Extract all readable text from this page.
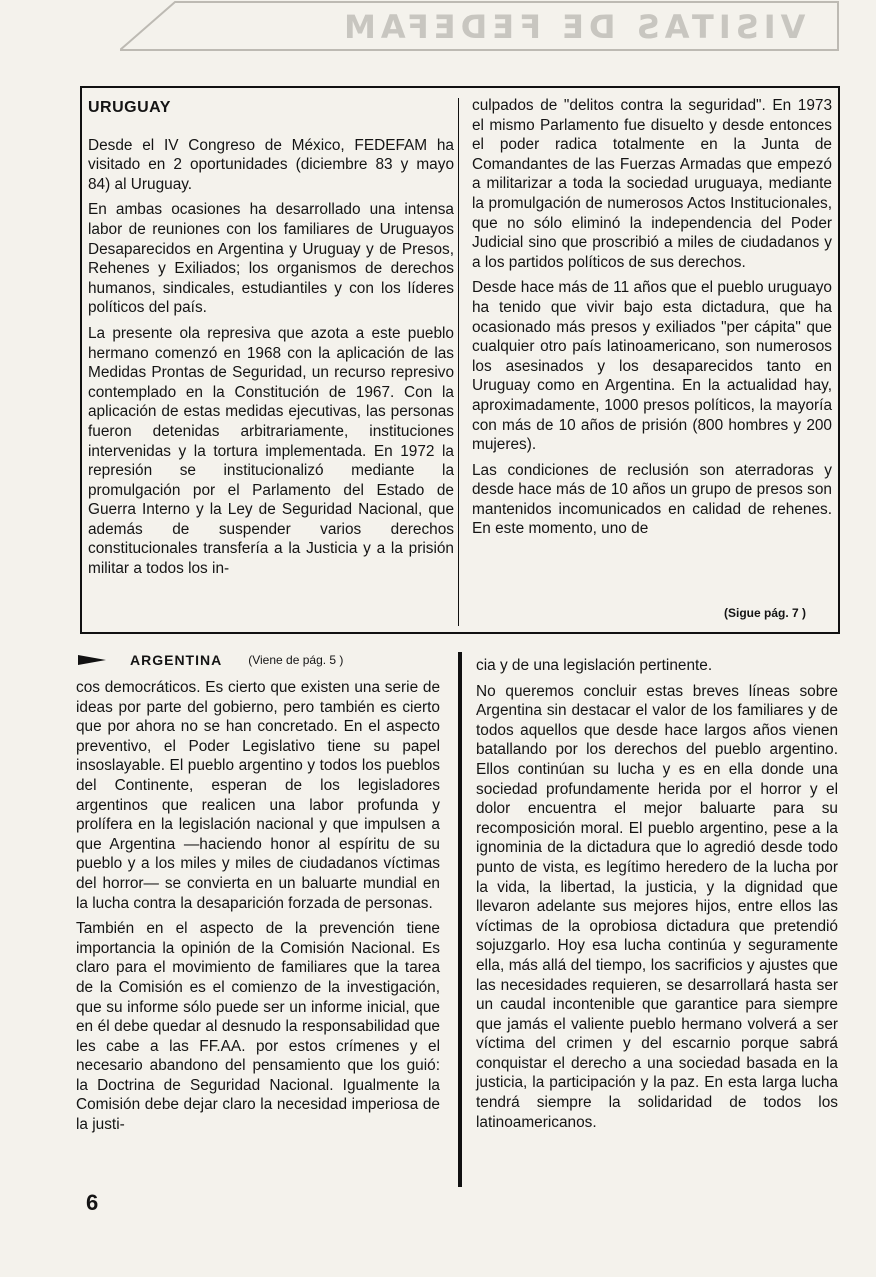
VISITAS DE FEDEFAM
URUGUAY

Desde el IV Congreso de México, FEDEFAM ha visitado en 2 oportunidades (diciembre 83 y mayo 84) al Uruguay.

En ambas ocasiones ha desarrollado una intensa labor de reuniones con los familiares de Uruguayos Desaparecidos en Argentina y Uruguay y de Presos, Rehenes y Exiliados; los organismos de derechos humanos, sindicales, estudiantiles y con los líderes políticos del país.

La presente ola represiva que azota a este pueblo hermano comenzó en 1968 con la aplicación de las Medidas Prontas de Seguridad, un recurso represivo contemplado en la Constitución de 1967. Con la aplicación de estas medidas ejecutivas, las personas fueron detenidas arbitrariamente, instituciones intervenidas y la tortura implementada. En 1972 la represión se institucionalizó mediante la promulgación por el Parlamento del Estado de Guerra Interno y la Ley de Seguridad Nacional, que además de suspender varios derechos constitucionales transfería a la Justicia y a la prisión militar a todos los in-

culpados de "delitos contra la seguridad". En 1973 el mismo Parlamento fue disuelto y desde entonces el poder radica totalmente en la Junta de Comandantes de las Fuerzas Armadas que empezó a militarizar a toda la sociedad uruguaya, mediante la promulgación de numerosos Actos Institucionales, que no sólo eliminó la independencia del Poder Judicial sino que proscribió a miles de ciudadanos y a los partidos políticos de sus derechos.

Desde hace más de 11 años que el pueblo uruguayo ha tenido que vivir bajo esta dictadura, que ha ocasionado más presos y exiliados "per cápita" que cualquier otro país latinoamericano, son numerosos los asesinados y los desaparecidos tanto en Uruguay como en Argentina. En la actualidad hay, aproximadamente, 1000 presos políticos, la mayoría con más de 10 años de prisión (800 hombres y 200 mujeres).

Las condiciones de reclusión son aterradoras y desde hace más de 10 años un grupo de presos son mantenidos incomunicados en calidad de rehenes. En este momento, uno de

(Sigue pág. 7 )
ARGENTINA (Viene de pág. 5 )

cos democráticos. Es cierto que existen una serie de ideas por parte del gobierno, pero también es cierto que por ahora no se han concretado. En el aspecto preventivo, el Poder Legislativo tiene su papel insoslayable. El pueblo argentino y todos los pueblos del Continente, esperan de los legisladores argentinos que realicen una labor profunda y prolífera en la legislación nacional y que impulsen a que Argentina —haciendo honor al espíritu de su pueblo y a los miles y miles de ciudadanos víctimas del horror— se convierta en un baluarte mundial en la lucha contra la desaparición forzada de personas.

También en el aspecto de la prevención tiene importancia la opinión de la Comisión Nacional. Es claro para el movimiento de familiares que la tarea de la Comisión es el comienzo de la investigación, que su informe sólo puede ser un informe inicial, que en él debe quedar al desnudo la responsabilidad que les cabe a las FF.AA. por estos crímenes y el necesario abandono del pensamiento que los guió: la Doctrina de Seguridad Nacional. Igualmente la Comisión debe dejar claro la necesidad imperiosa de la justi-

cia y de una legislación pertinente.

No queremos concluir estas breves líneas sobre Argentina sin destacar el valor de los familiares y de todos aquellos que desde hace largos años vienen batallando por los derechos del pueblo argentino. Ellos continúan su lucha y es en ella donde una sociedad profundamente herida por el horror y el dolor encuentra el mejor baluarte para su recomposición moral. El pueblo argentino, pese a la ignominia de la dictadura que lo agredió desde todo punto de vista, es legítimo heredero de la lucha por la vida, la libertad, la justicia, y la dignidad que llevaron adelante sus mejores hijos, entre ellos las víctimas de la oprobiosa dictadura que pretendió sojuzgarlo. Hoy esa lucha continúa y seguramente ella, más allá del tiempo, los sacrificios y ajustes que las necesidades requieren, se desarrollará hasta ser un caudal incontenible que garantice para siempre que jamás el valiente pueblo hermano volverá a ser víctima del crimen y del escarnio porque sabrá conquistar el derecho a una sociedad basada en la justicia, la participación y la paz. En esta larga lucha tendrá siempre la solidaridad de todos los latinoamericanos.

6
